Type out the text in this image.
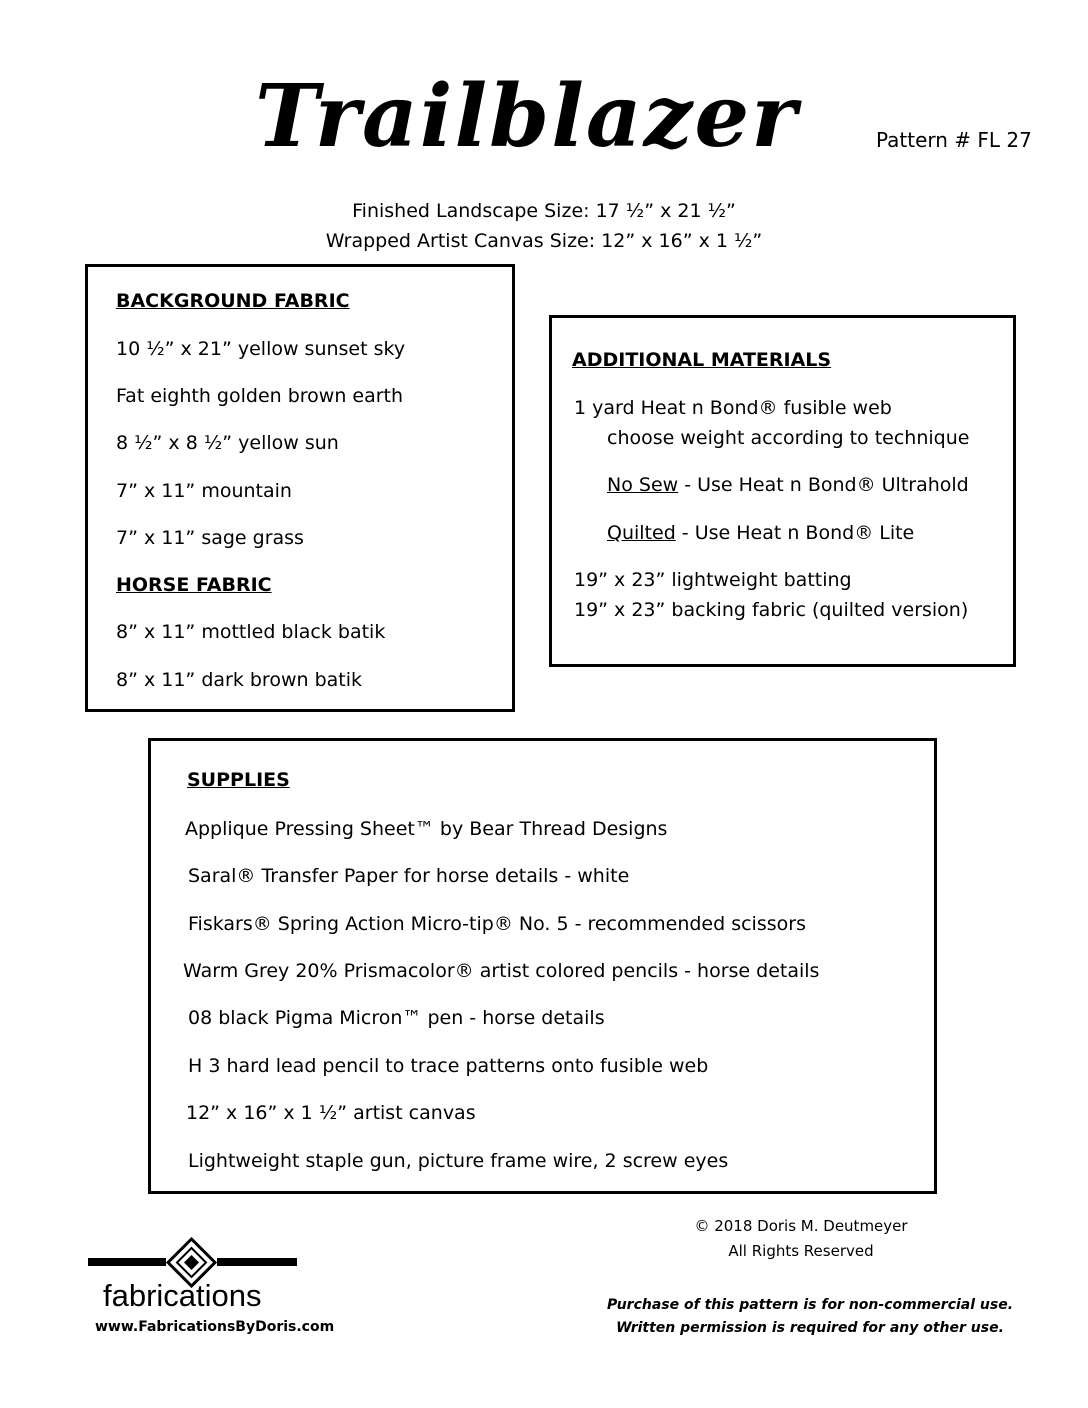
Trailblazer	Pattern # FL 27
Finished Landscape Size: 17 ½” x 21 ½”
Wrapped Artist Canvas Size: 12” x 16” x 1 ½”
BACKGROUND FABRIC
10 ½” x 21” yellow sunset sky
Fat eighth golden brown earth
8 ½” x 8 ½” yellow sun
7” x 11” mountain
7” x 11” sage grass
HORSE FABRIC
8” x 11” mottled black batik
8” x 11” dark brown batik
ADDITIONAL MATERIALS
1 yard Heat n Bond® fusible web
choose weight according to technique
No Sew - Use Heat n Bond® Ultrahold
Quilted - Use Heat n Bond® Lite
19” x 23” lightweight batting
19” x 23” backing fabric (quilted version)
SUPPLIES
Applique Pressing Sheet™ by Bear Thread Designs
Saral® Transfer Paper for horse details - white
Fiskars® Spring Action Micro-tip® No. 5 - recommended scissors
Warm Grey 20% Prismacolor® artist colored pencils - horse details
08 black Pigma Micron™ pen - horse details
H 3 hard lead pencil to trace patterns onto fusible web
12” x 16” x 1 ½” artist canvas
Lightweight staple gun, picture frame wire, 2 screw eyes
fabrications
www.FabricationsByDoris.com
© 2018 Doris M. Deutmeyer
All Rights Reserved
Purchase of this pattern is for non-commercial use.
Written permission is required for any other use.
